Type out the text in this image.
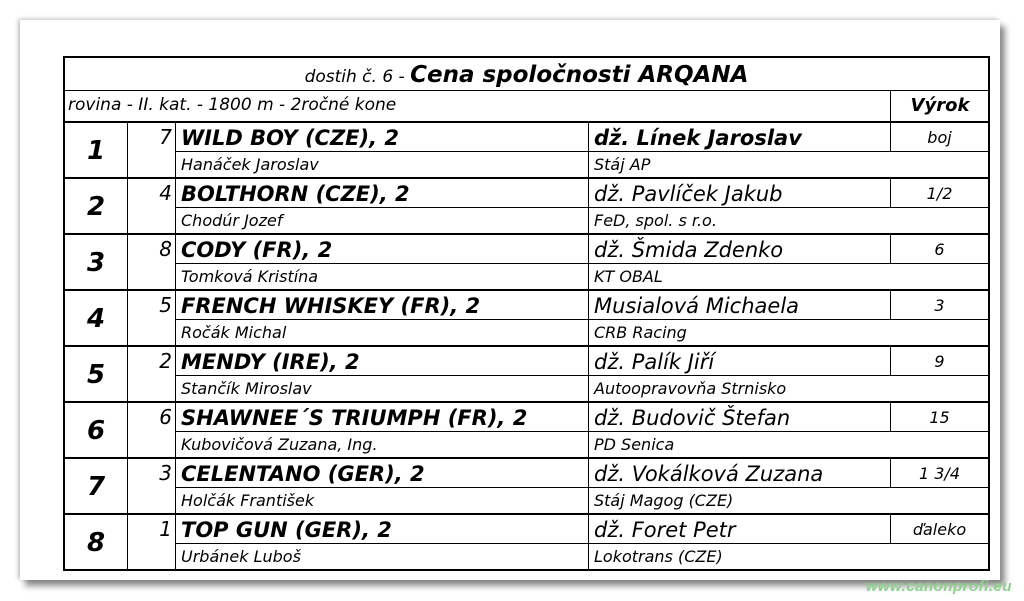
dostih č. 6 - Cena spoločnosti ARQANA
rovina - II. kat. - 1800 m - 2ročné kone	Výrok
1	7 WILD BOY (CZE), 2	dž. Línek Jaroslav	boj
Hanáček Jaroslav	Stáj AP
2	4 BOLTHORN (CZE), 2	dž. Pavlíček Jakub	1/2
Chodúr Jozef	FeD, spol. s r.o.
3	8 CODY (FR), 2	dž. Šmida Zdenko	6
Tomková Kristína	KT OBAL
4	5 FRENCH WHISKEY (FR), 2	Musialová Michaela	3
Ročák Michal	CRB Racing
5	2 MENDY (IRE), 2	dž. Palík Jiří	9
Stančík Miroslav	Autoopravovňa Strnisko
6	6 SHAWNEE´S TRIUMPH (FR), 2	dž. Budovič Štefan	15
Kubovičová Zuzana, Ing.	PD Senica
7	3 CELENTANO (GER), 2	dž. Vokálková Zuzana	1 3/4
Holčák František	Stáj Magog (CZE)
8	1 TOP GUN (GER), 2	dž. Foret Petr	ďaleko
Urbánek Luboš	Lokotrans (CZE)
www.canonprofi.eu
